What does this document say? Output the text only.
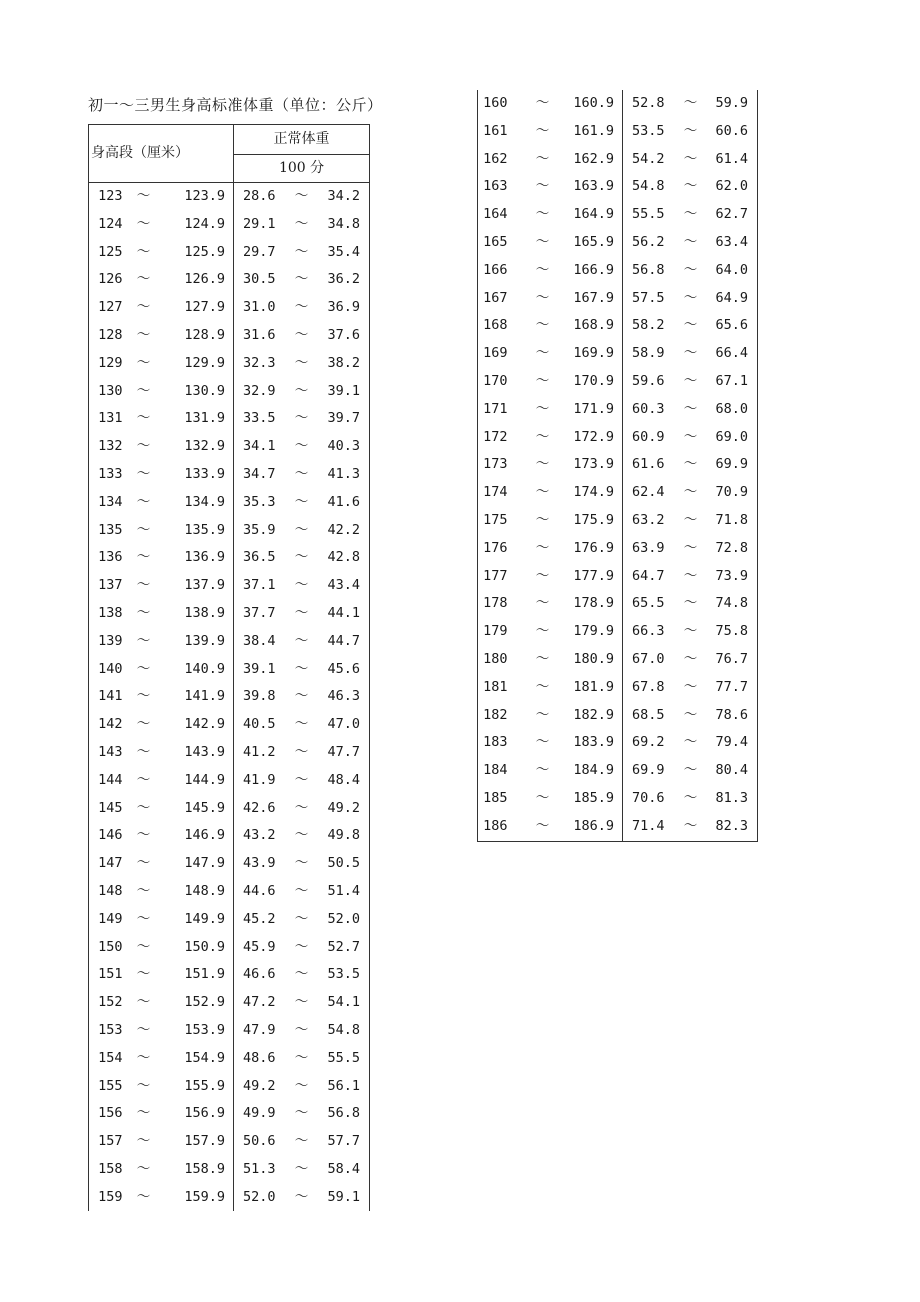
初一～三男生身高标准体重（单位：公斤）
身高段（厘米）			正常体重		
			100 分		
123	～	123.9	28.6	～	34.2
124	～	124.9	29.1	～	34.8
125	～	125.9	29.7	～	35.4
126	～	126.9	30.5	～	36.2
127	～	127.9	31.0	～	36.9
128	～	128.9	31.6	～	37.6
129	～	129.9	32.3	～	38.2
130	～	130.9	32.9	～	39.1
131	～	131.9	33.5	～	39.7
132	～	132.9	34.1	～	40.3
133	～	133.9	34.7	～	41.3
134	～	134.9	35.3	～	41.6
135	～	135.9	35.9	～	42.2
136	～	136.9	36.5	～	42.8
137	～	137.9	37.1	～	43.4
138	～	138.9	37.7	～	44.1
139	～	139.9	38.4	～	44.7
140	～	140.9	39.1	～	45.6
141	～	141.9	39.8	～	46.3
142	～	142.9	40.5	～	47.0
143	～	143.9	41.2	～	47.7
144	～	144.9	41.9	～	48.4
145	～	145.9	42.6	～	49.2
146	～	146.9	43.2	～	49.8
147	～	147.9	43.9	～	50.5
148	～	148.9	44.6	～	51.4
149	～	149.9	45.2	～	52.0
150	～	150.9	45.9	～	52.7
151	～	151.9	46.6	～	53.5
152	～	152.9	47.2	～	54.1
153	～	153.9	47.9	～	54.8
154	～	154.9	48.6	～	55.5
155	～	155.9	49.2	～	56.1
156	～	156.9	49.9	～	56.8
157	～	157.9	50.6	～	57.7
158	～	158.9	51.3	～	58.4
159	～	159.9	52.0	～	59.1
160	～	160.9	52.8	～	59.9
161	～	161.9	53.5	～	60.6
162	～	162.9	54.2	～	61.4
163	～	163.9	54.8	～	62.0
164	～	164.9	55.5	～	62.7
165	～	165.9	56.2	～	63.4
166	～	166.9	56.8	～	64.0
167	～	167.9	57.5	～	64.9
168	～	168.9	58.2	～	65.6
169	～	169.9	58.9	～	66.4
170	～	170.9	59.6	～	67.1
171	～	171.9	60.3	～	68.0
172	～	172.9	60.9	～	69.0
173	～	173.9	61.6	～	69.9
174	～	174.9	62.4	～	70.9
175	～	175.9	63.2	～	71.8
176	～	176.9	63.9	～	72.8
177	～	177.9	64.7	～	73.9
178	～	178.9	65.5	～	74.8
179	～	179.9	66.3	～	75.8
180	～	180.9	67.0	～	76.7
181	～	181.9	67.8	～	77.7
182	～	182.9	68.5	～	78.6
183	～	183.9	69.2	～	79.4
184	～	184.9	69.9	～	80.4
185	～	185.9	70.6	～	81.3
186	～	186.9	71.4	～	82.3
